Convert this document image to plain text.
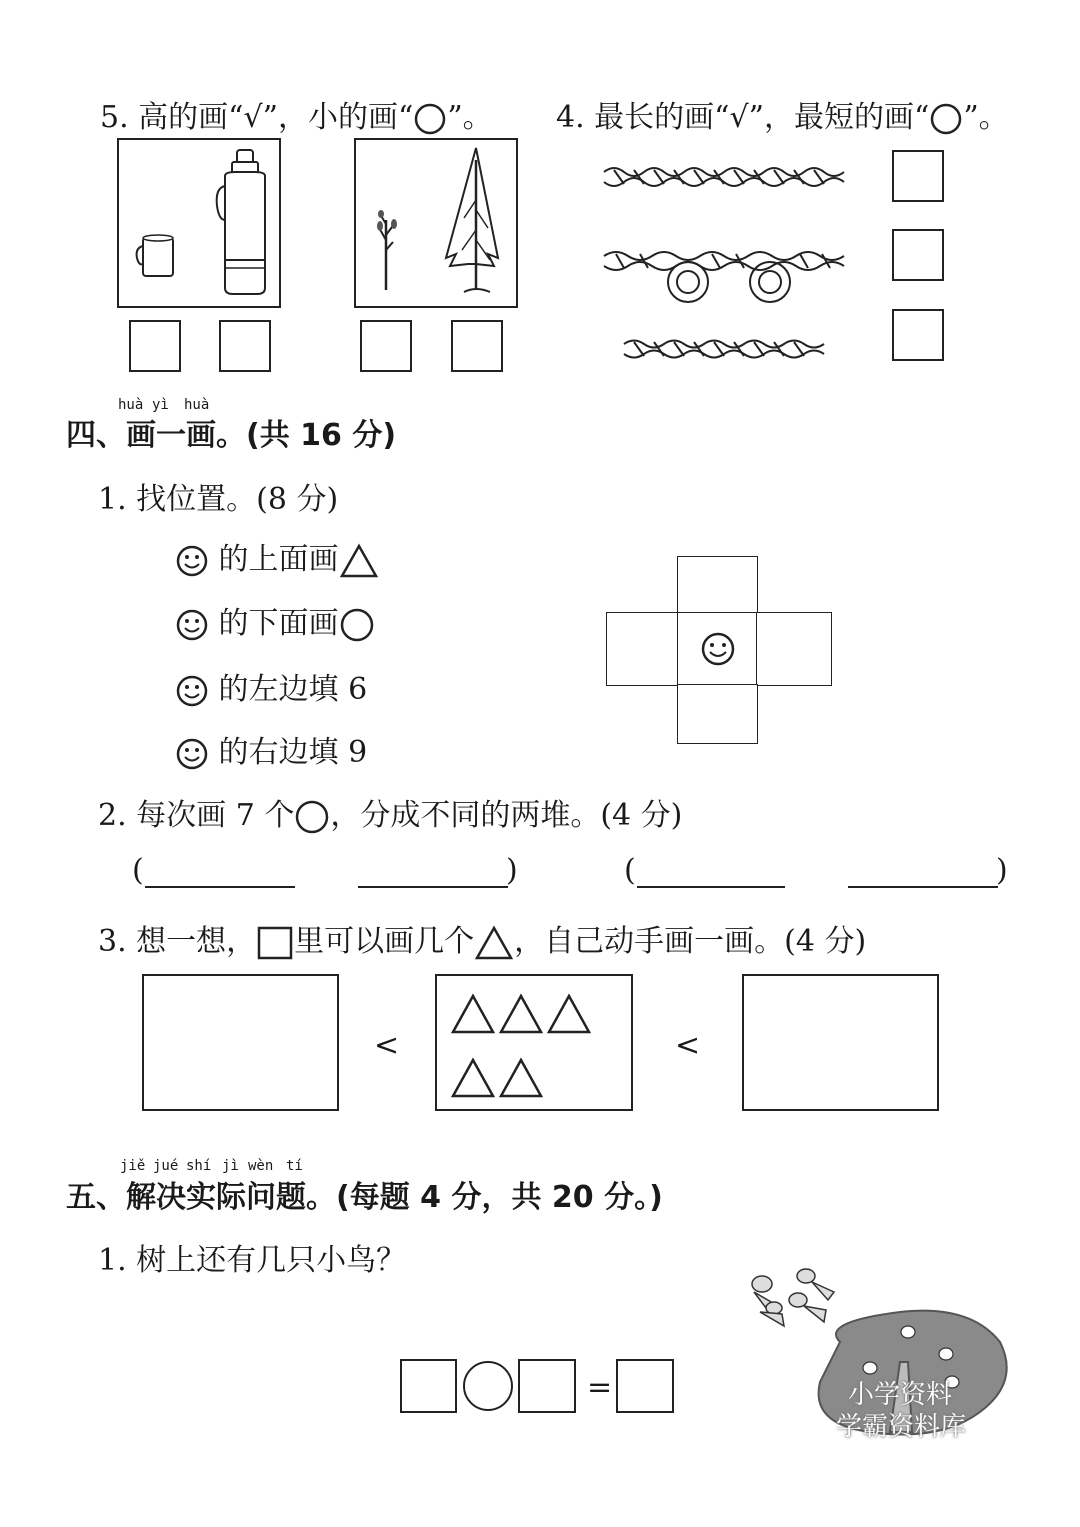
5. 高的画“√”，小的画“ ”。 4. 最长的画“√”，最短的画“ ”。
huà yì huà
四、画一画。(共 16 分)
1. 找位置。(8 分)
的上面画
的下面画
的左边填 6
的右边填 9
2. 每次画 7 个 ，分成不同的两堆。(4 分)
(	)	(	)
3. 想一想， 里可以画几个 ，自己动手画一画。(4 分)
<	<
jiě jué shí jì wèn tí
五、解决实际问题。(每题 4 分，共 20 分。)
1. 树上还有几只小鸟？
=	小学资料
学霸资料库
